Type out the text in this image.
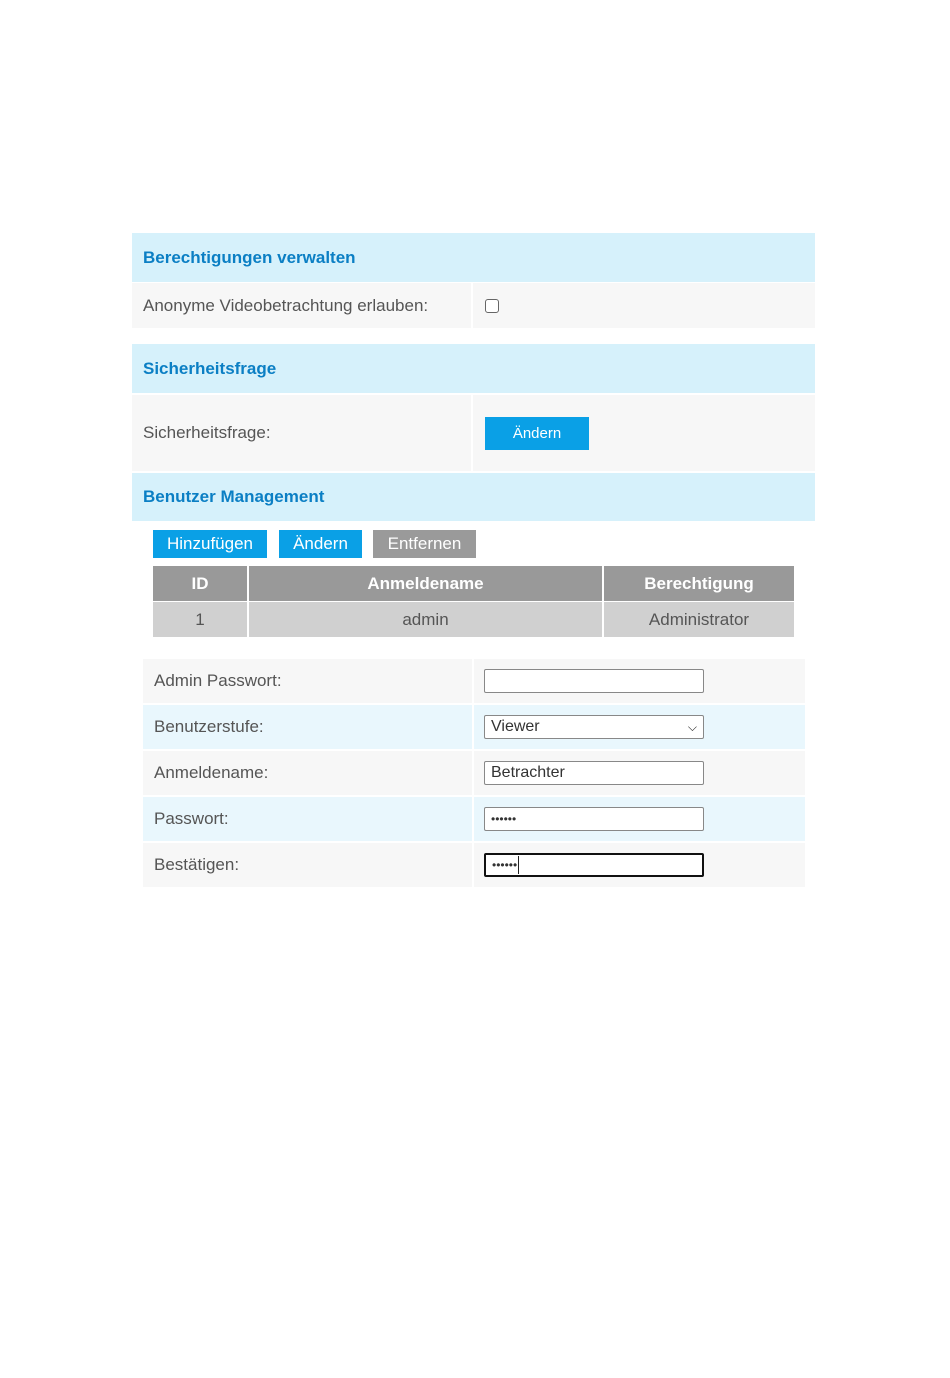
Berechtigungen verwalten
Anonyme Videobetrachtung erlauben:
Sicherheitsfrage
Sicherheitsfrage:	Ändern
Benutzer Management
Hinzufügen	Ändern	Entfernen
ID	Anmeldename	Berechtigung
1	admin	Administrator
Admin Passwort:
Benutzerstufe:	Viewer	⌵
Anmeldename:	Betrachter
Passwort:	••••••
Bestätigen:	••••••
